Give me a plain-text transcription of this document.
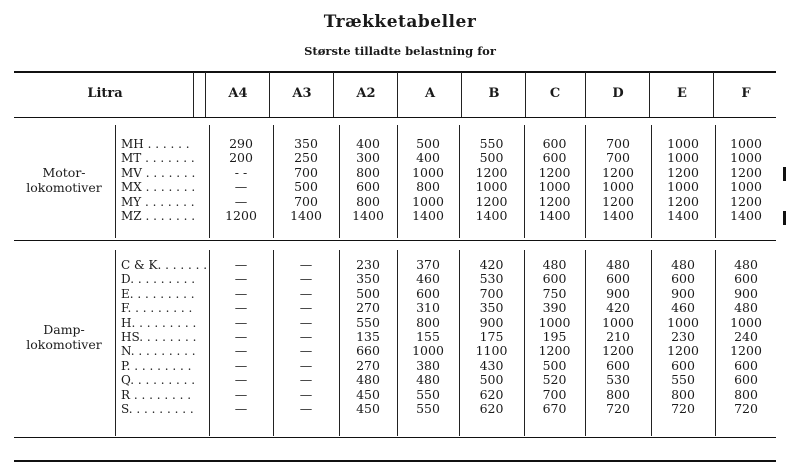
Trækketabeller
Største tilladte belastning for
Litra	A4	A3	A2	A	B	C	D	E	F
Motor-
lokomotiver
MH . . . . . .	290	350	400	500	550	600	700	1000	1000
MT . . . . . . .	200	250	300	400	500	600	700	1000	1000
MV . . . . . . .	- -	700	800	1000	1200	1200	1200	1200	1200
MX . . . . . . .	—	500	600	800	1000	1000	1000	1000	1000
MY . . . . . . .	—	700	800	1000	1200	1200	1200	1200	1200
MZ . . . . . . .	1200	1400	1400	1400	1400	1400	1400	1400	1400
Damp-
lokomotiver
C & K. . . . . . .	—	—	230	370	420	480	480	480	480
D. . . . . . . . .	—	—	350	460	530	600	600	600	600
E. . . . . . . . .	—	—	500	600	700	750	900	900	900
F. . . . . . . . .	—	—	270	310	350	390	420	460	480
H. . . . . . . . .	—	—	550	800	900	1000	1000	1000	1000
HS. . . . . . . .	—	—	135	155	175	195	210	230	240
N. . . . . . . . .	—	—	660	1000	1100	1200	1200	1200	1200
P. . . . . . . . .	—	—	270	380	430	500	600	600	600
Q. . . . . . . . .	—	—	480	480	500	520	530	550	600
R . . . . . . . .	—	—	450	550	620	700	800	800	800
S. . . . . . . . .	—	—	450	550	620	670	720	720	720
